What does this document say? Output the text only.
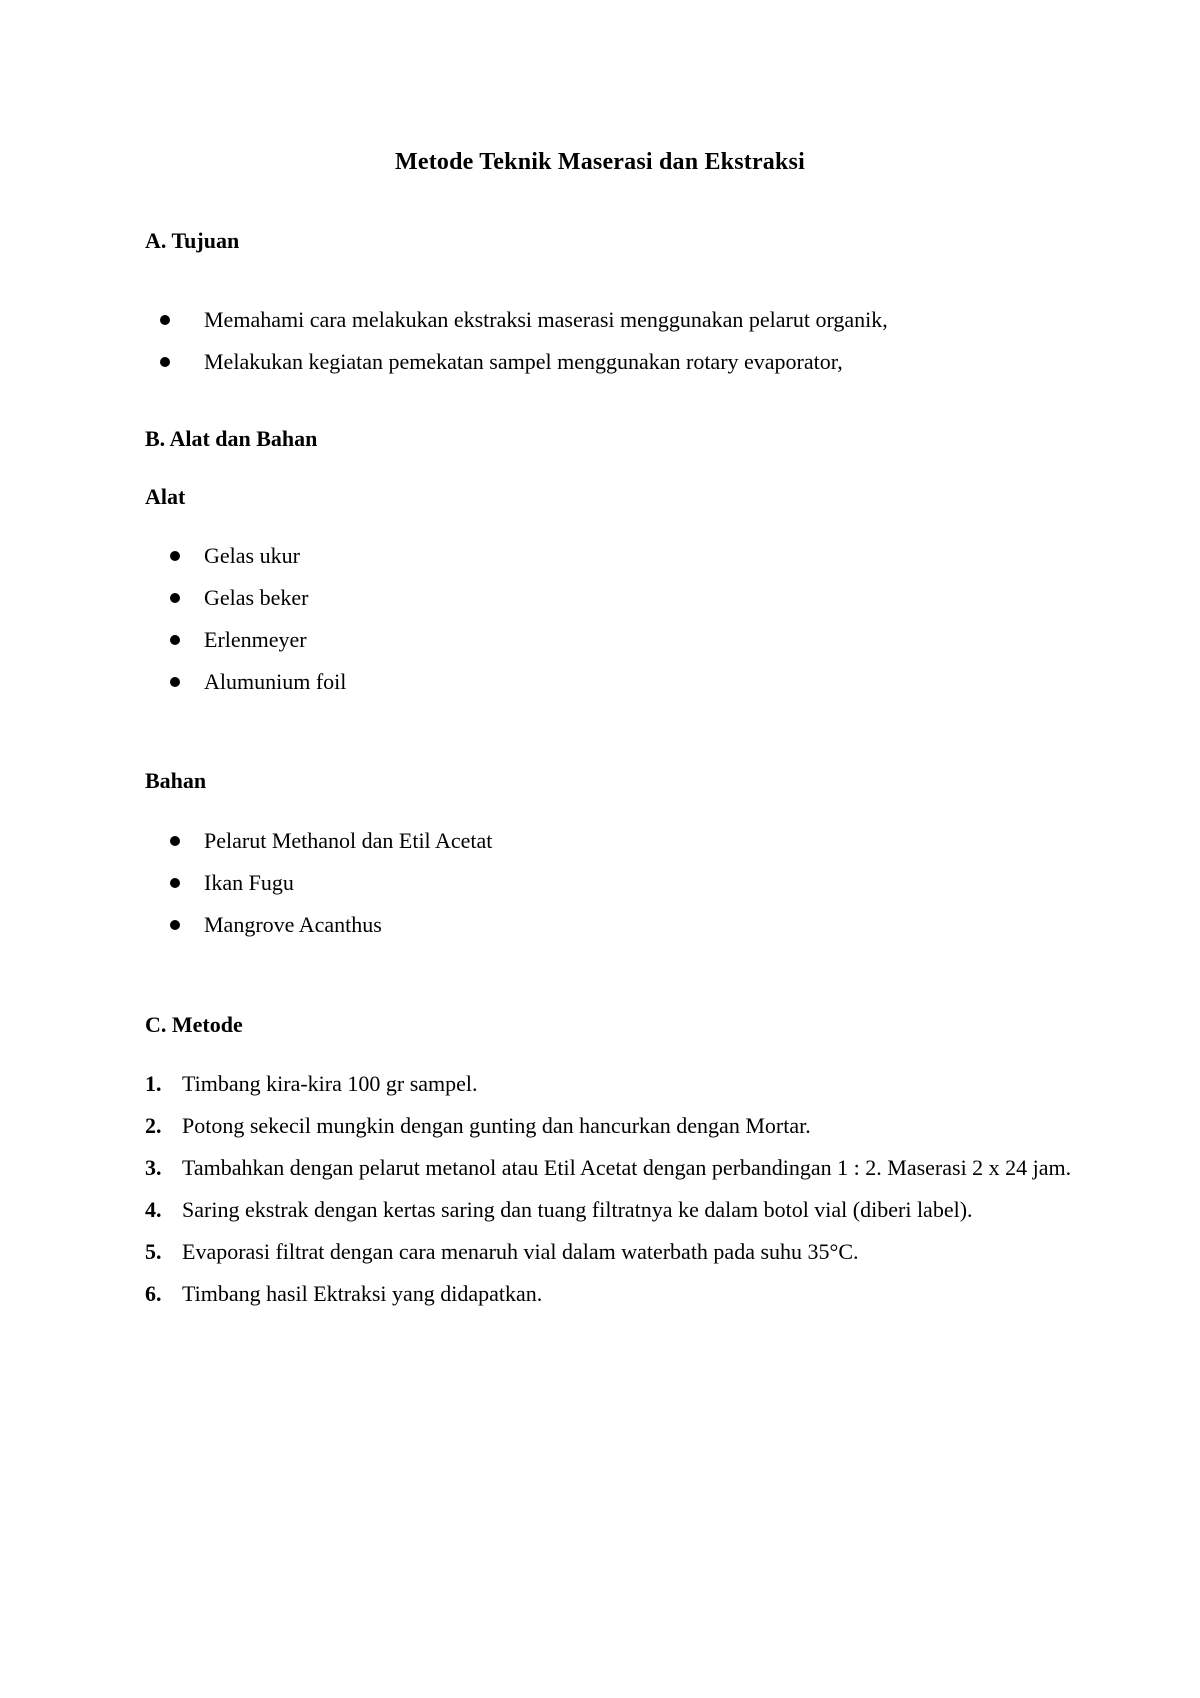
Metode Teknik Maserasi dan Ekstraksi
A. Tujuan
Memahami cara melakukan ekstraksi maserasi menggunakan pelarut organik,
Melakukan kegiatan pemekatan sampel menggunakan rotary evaporator,
B. Alat dan Bahan
Alat
Gelas ukur
Gelas beker
Erlenmeyer
Alumunium foil
Bahan
Pelarut Methanol dan Etil Acetat
Ikan Fugu
Mangrove Acanthus
C. Metode
1. Timbang kira-kira 100 gr sampel.
2. Potong sekecil mungkin dengan gunting dan hancurkan dengan Mortar.
3. Tambahkan dengan pelarut metanol atau Etil Acetat dengan perbandingan 1 : 2. Maserasi 2 x 24 jam.
4. Saring ekstrak dengan kertas saring dan tuang filtratnya ke dalam botol vial (diberi label).
5. Evaporasi filtrat dengan cara menaruh vial dalam waterbath pada suhu 35°C.
6. Timbang hasil Ektraksi yang didapatkan.
